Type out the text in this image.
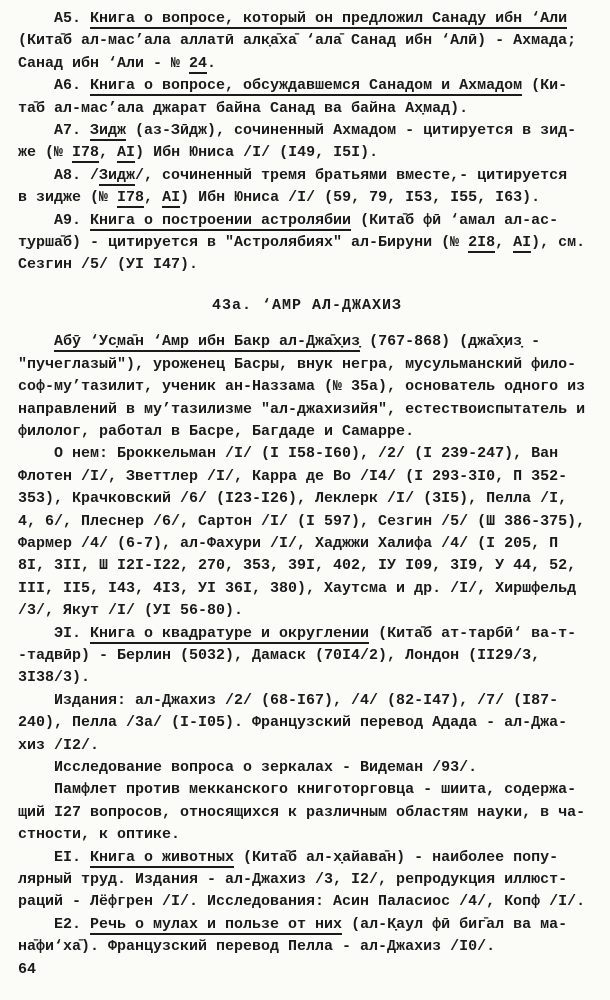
А5. Книга о вопросе, который он предложил Санаду ибн ‘Али
(Кита̄б ал-мас’ала аллатӣ алк̣а̄ха̄ ‘ала̄ Санад ибн ‘Алӣ) - Ахмада;
Санад ибн ‘Али - № 24.
А6. Книга о вопросе, обсуждавшемся Санадом и Ахмадом (Ки-
та̄б ал-мас’ала джарат байна Санад ва байна Ах̣мад).
А7. Зидж (аз-Зӣдж), сочиненный Ахмадом - цитируется в зид-
же (№ I78, АI) Ибн Юниса /I/ (I49, I5I).
А8. /Зидж/, сочиненный тремя братьями вместе,- цитируется
в зидже (№ I78, АI) Ибн Юниса /I/ (59, 79, I53, I55, I63).
А9. Книга о построении астролябии (Кита̄б фӣ ‘амал ал-ас-
т̣урша̄б) - цитируется в "Астролябиях" ал-Бируни (№ 2I8, АI), см.
Сезгин /5/ (УI I47).
43а. ‘АМР АЛ-ДЖАХИЗ
Абӯ ‘Ус̣ма̄н ‘Амр ибн Бакр ал-Джа̄х̣из̣ (767-868) (джа̄х̣из̣ -
"пучеглазый"), уроженец Басры, внук негра, мусульманский фило-
соф-му’тазилит, ученик ан-Наззама (№ 35а), основатель одного из
направлений в му’тазилизме "ал-джахизийя", естествоиспытатель и
филолог, работал в Басре, Багдаде и Самарре.
О нем: Броккельман /I/ (I I58-I60), /2/ (I 239-247), Ван
Флотен /I/, Зветтлер /I/, Карра де Во /I4/ (I 293-3I0, П 352-
353), Крачковский /6/ (I23-I26), Леклерк /I/ (3I5), Пелла /I,
4, 6/, Плеснер /6/, Сартон /I/ (I 597), Сезгин /5/ (Ш 386-375),
Фармер /4/ (6-7), ал-Фахури /I/, Хаджжи Халифа /4/ (I 205, П
8I, 3II, Ш I2I-I22, 270, 353, 39I, 402, IУ I09, 3I9, У 44, 52,
III, II5, I43, 4I3, УI 36I, 380), Хаутсма и др. /I/, Хиршфельд
/3/, Якут /I/ (УI 56-80).
ЭI. Книга о квадратуре и округлении (Кита̄б ат-тарбӣ‘ ва-т-
-тадвӣр) - Берлин (5032), Дамаск (70I4/2), Лондон (II29/3,
3I38/3).
Издания: ал-Джахиз /2/ (68-I67), /4/ (82-I47), /7/ (I87-
240), Пелла /3а/ (I-I05). Французский перевод Адада - ал-Джа-
хиз /I2/.
Исследование вопроса о зеркалах - Видеман /93/.
Памфлет против мекканского книготорговца - шиита, содержа-
щий I27 вопросов, относящихся к различным областям науки, в ча-
стности, к оптике.
ЕI. Книга о животных (Кита̄б ал-х̣айава̄н) - наиболее попу-
лярный труд. Издания - ал-Джахиз /3, I2/, репродукция иллюст-
раций - Лёфгрен /I/. Исследования: Асин Паласиос /4/, Копф /I/.
Е2. Речь о мулах и пользе от них (ал-К̣аул фӣ биг̄ал ва ма-
на̄фи‘ха̄). Французский перевод Пелла - ал-Джахиз /I0/.
64
